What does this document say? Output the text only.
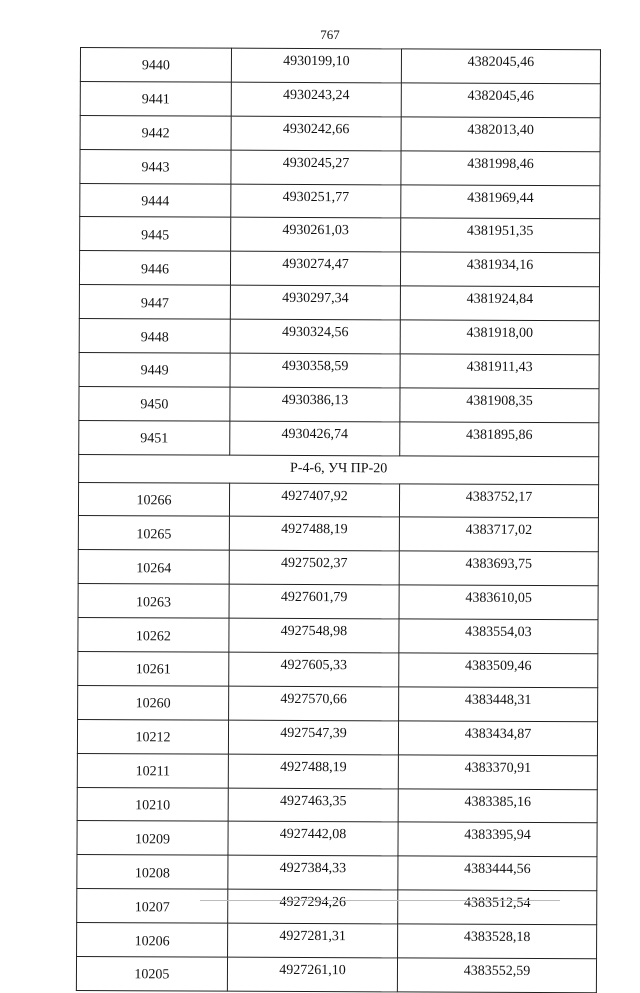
767
9440	4930199,10	4382045,46
9441	4930243,24	4382045,46
9442	4930242,66	4382013,40
9443	4930245,27	4381998,46
9444	4930251,77	4381969,44
9445	4930261,03	4381951,35
9446	4930274,47	4381934,16
9447	4930297,34	4381924,84
9448	4930324,56	4381918,00
9449	4930358,59	4381911,43
9450	4930386,13	4381908,35
9451	4930426,74	4381895,86
Р-4-6, УЧ ПР-20		
10266	4927407,92	4383752,17
10265	4927488,19	4383717,02
10264	4927502,37	4383693,75
10263	4927601,79	4383610,05
10262	4927548,98	4383554,03
10261	4927605,33	4383509,46
10260	4927570,66	4383448,31
10212	4927547,39	4383434,87
10211	4927488,19	4383370,91
10210	4927463,35	4383385,16
10209	4927442,08	4383395,94
10208	4927384,33	4383444,56
10207	4927294,26	4383512,54
10206	4927281,31	4383528,18
10205	4927261,10	4383552,59
